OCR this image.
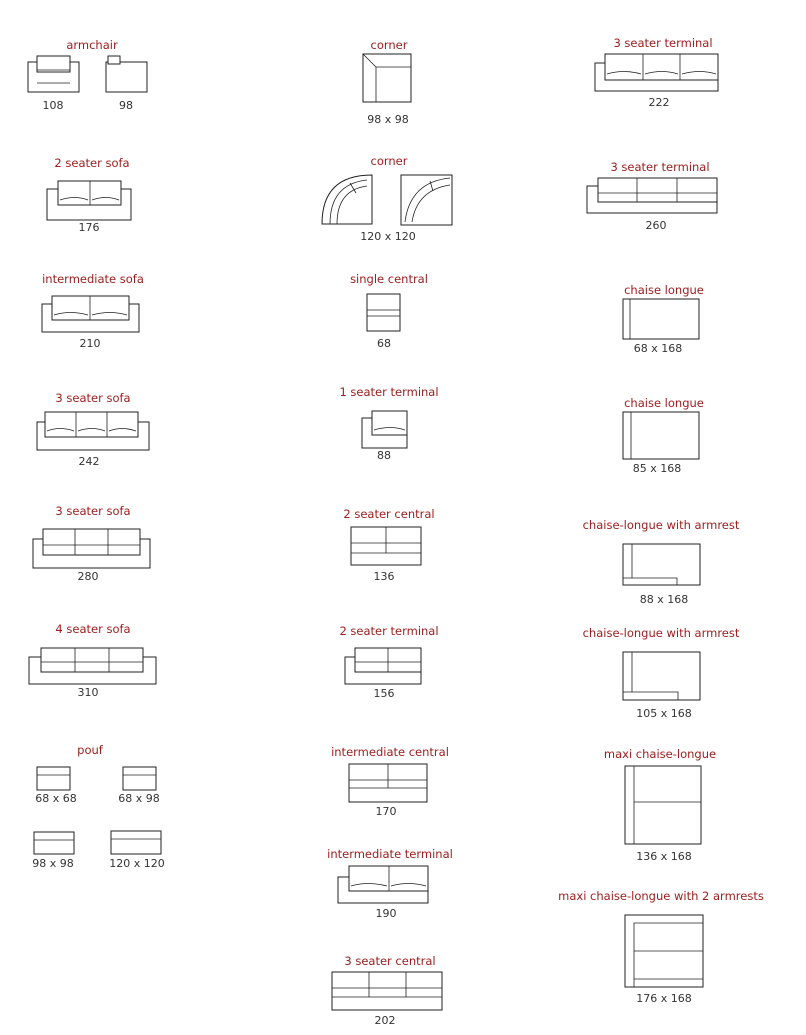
armchair
108	98
2 seater sofa
176
intermediate sofa
210
3 seater sofa
242
3 seater sofa
280
4 seater sofa
310
pouf
68 x 68	68 x 98
98 x 98	120 x 120
corner
98 x 98
corner
120 x 120
single central
68
1 seater terminal
88
2 seater central
136
2 seater terminal
156
intermediate central
170
intermediate terminal
190
3 seater central
202
3 seater terminal
222
3 seater terminal
260
chaise longue
68 x 168
chaise longue
85 x 168
chaise-longue with armrest
88 x 168
chaise-longue with armrest
105 x 168
maxi chaise-longue
136 x 168
maxi chaise-longue with 2 armrests
176 x 168
